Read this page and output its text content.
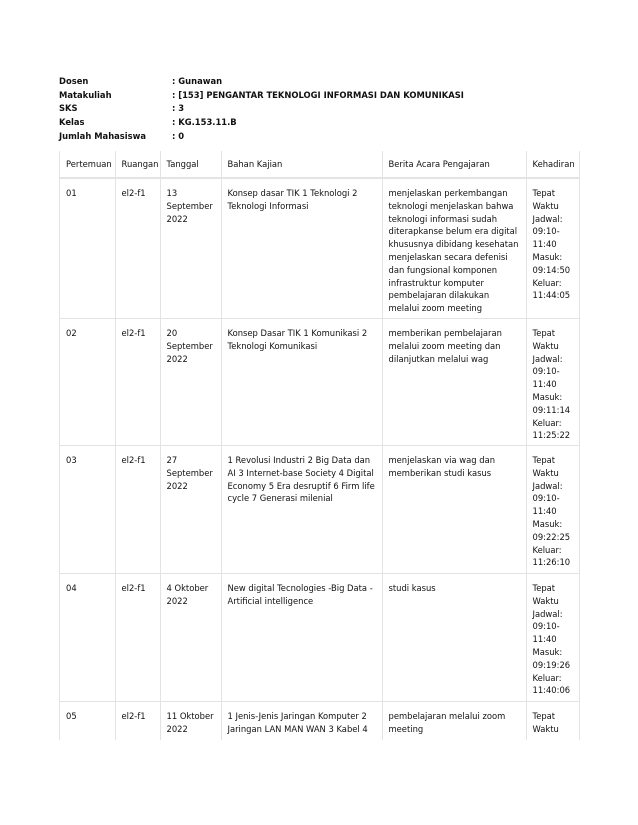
Dosen	: Gunawan
Matakuliah	: [153] PENGANTAR TEKNOLOGI INFORMASI DAN KOMUNIKASI
SKS	: 3
Kelas	: KG.153.11.B
Jumlah Mahasiswa	: 0
Pertemuan	Ruangan	Tanggal	Bahan Kajian	Berita Acara Pengajaran	Kehadiran
01	el2-f1	13 September 2022	Konsep dasar TIK 1 Teknologi 2 Teknologi Informasi	menjelaskan perkembangan teknologi menjelaskan bahwa teknologi informasi sudah diterapkanse belum era digital khususnya dibidang kesehatan menjelaskan secara defenisi dan fungsional komponen infrastruktur komputer pembelajaran dilakukan melalui zoom meeting	Tepat Waktu Jadwal: 09:10-11:40 Masuk: 09:14:50 Keluar: 11:44:05
02	el2-f1	20 September 2022	Konsep Dasar TIK 1 Komunikasi 2 Teknologi Komunikasi	memberikan pembelajaran melalui zoom meeting dan dilanjutkan melalui wag	Tepat Waktu Jadwal: 09:10-11:40 Masuk: 09:11:14 Keluar: 11:25:22
03	el2-f1	27 September 2022	1 Revolusi Industri 2 Big Data dan AI 3 Internet-base Society 4 Digital Economy 5 Era desruptif 6 Firm life cycle 7 Generasi milenial	menjelaskan via wag dan memberikan studi kasus	Tepat Waktu Jadwal: 09:10-11:40 Masuk: 09:22:25 Keluar: 11:26:10
04	el2-f1	4 Oktober 2022	New digital Tecnologies -Big Data -Artificial intelligence	studi kasus	Tepat Waktu Jadwal: 09:10-11:40 Masuk: 09:19:26 Keluar: 11:40:06
05	el2-f1	11 Oktober 2022	1 Jenis-Jenis Jaringan Komputer 2 Jaringan LAN MAN WAN 3 Kabel 4	pembelajaran melalui zoom meeting	Tepat Waktu
